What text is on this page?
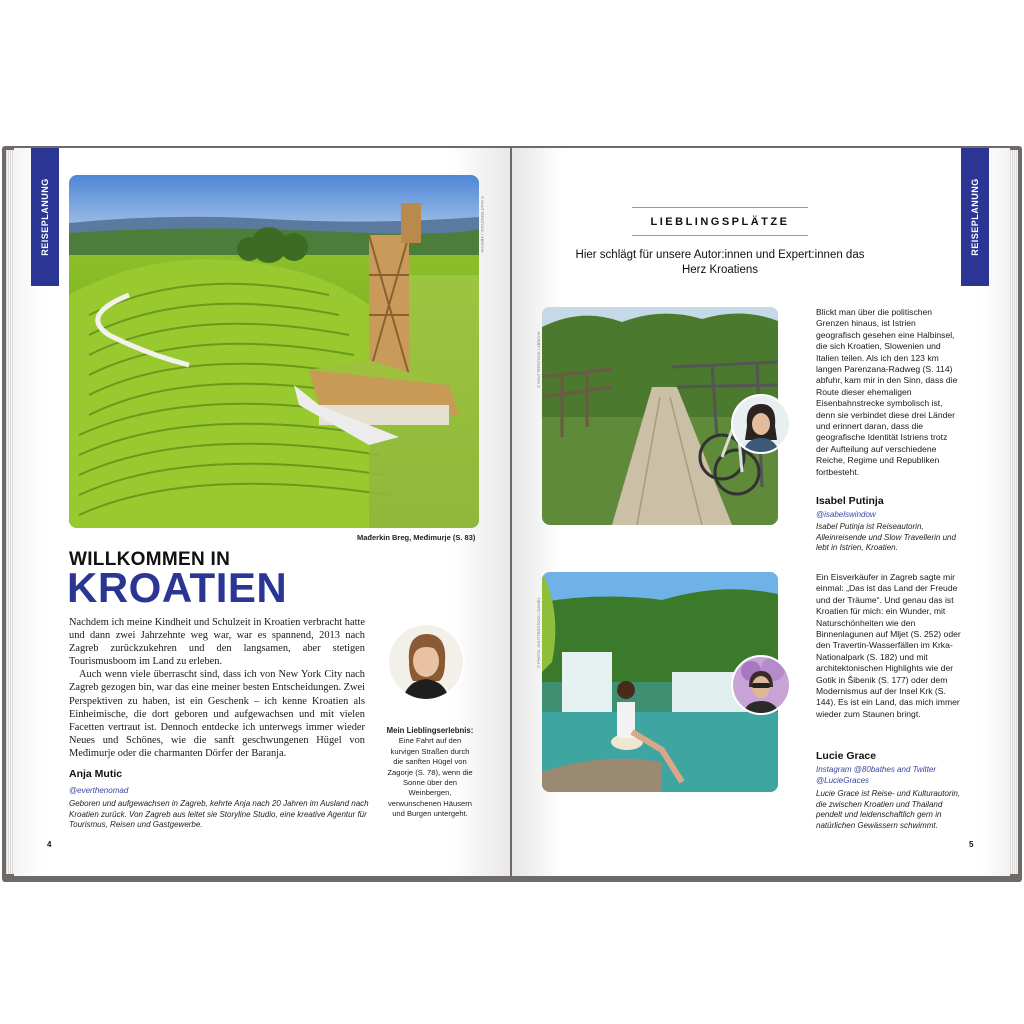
REISEPLANUNG	© SHUTTERSTOCK / XBRCHX
Mađerkin Breg, Međimurje (S. 83)
WILLKOMMEN IN
KROATIEN

Nachdem ich meine Kindheit und Schulzeit in Kroatien verbracht hatte und dann zwei Jahrzehnte weg war, war es spannend, 2013 nach Zagreb zurückzukehren und den langsamen, aber stetigen Tourismusboom im Land zu erleben.

Auch wenn viele überrascht sind, dass ich von New York City nach Zagreb gezogen bin, war das eine meiner besten Entscheidungen. Zwei Perspektiven zu haben, ist ein Geschenk – ich kenne Kroatien als Einheimische, die dort geboren und aufgewachsen und mit vielen Facetten vertraut ist. Dennoch entdecke ich unterwegs immer wieder Neues und Schönes, wie die sanft geschwungenen Hügel von Međimurje oder die charmanten Dörfer der Baranja.

Anja Mutic
@everthenomad
Geboren und aufgewachsen in Zagreb, kehrte Anja nach 20 Jahren im Ausland nach Kroatien zurück. Von Zagreb aus leitet sie Storyline Studio, eine kreative Agentur für Tourismus, Reisen und Gastgewerbe.
Mein Lieblingserlebnis:
Eine Fahrt auf den kurvigen Straßen durch die sanften Hügel von Zagorje (S. 78), wenn die Sonne über den Weinbergen, verwunschenen Häusern und Burgen untergeht.
4
REISEPLANUNG
LIEBLINGSPLÄTZE
Hier schlägt für unsere Autor:innen und Expert:innen das Herz Kroatiens
© SHUTTERSTOCK / XBRCHX
Blickt man über die politischen Grenzen hinaus, ist Istrien geografisch gesehen eine Halbinsel, die sich Kroatien, Slowenien und Italien teilen. Als ich den 123 km langen Parenzana-Radweg (S. 114) abfuhr, kam mir in den Sinn, dass die Route dieser ehemaligen Eisenbahnstrecke symbolisch ist, denn sie verbindet diese drei Länder und erinnert daran, dass die geografische Identität Istriens trotz der Aufteilung auf verschiedene Reiche, Regime und Republiken fortbesteht.
Isabel Putinja
@isabelswindow
Isabel Putinja ist Reiseautorin, Alleinreisende und Slow Travellerin und lebt in Istrien, Kroatien.
© PHOTO: SHUTTERSTOCK / DANIEL
Ein Eisverkäufer in Zagreb sagte mir einmal: „Das ist das Land der Freude und der Träume“. Und genau das ist Kroatien für mich: ein Wunder, mit Naturschönheiten wie den Binnenlagunen auf Mljet (S. 252) oder den Travertin-Wasserfällen im Krka-Nationalpark (S. 182) und mit architektonischen Highlights wie der Gotik in Šibenik (S. 177) oder dem Modernismus auf der Insel Krk (S. 144). Es ist ein Land, das mich immer wieder zum Staunen bringt.
Lucie Grace
Instagram @80bathes and Twitter @LucieGraces
Lucie Grace ist Reise- und Kulturautorin, die zwischen Kroatien und Thailand pendelt und leidenschaftlich gern in natürlichen Gewässern schwimmt.
5
